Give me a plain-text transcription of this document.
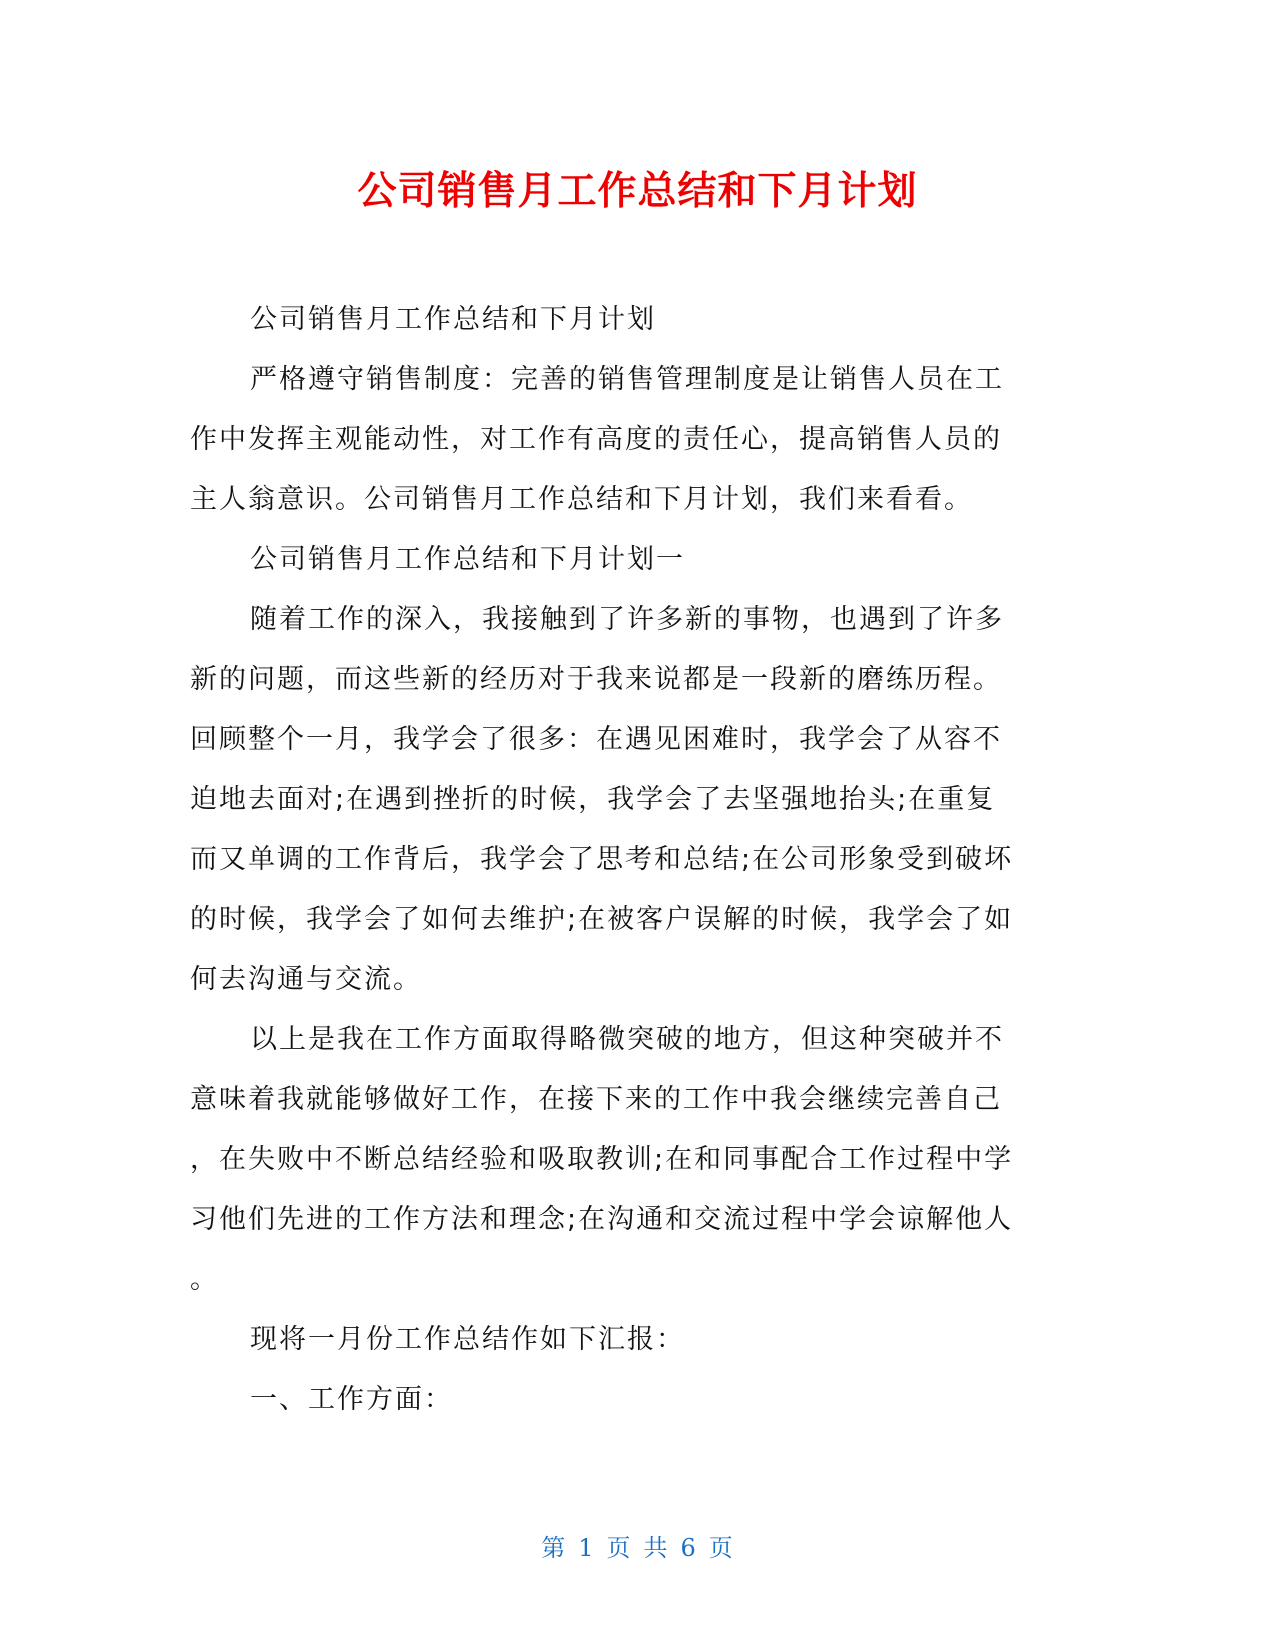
公司销售月工作总结和下月计划

公司销售月工作总结和下月计划

严格遵守销售制度：完善的销售管理制度是让销售人员在工

作中发挥主观能动性，对工作有高度的责任心，提高销售人员的

主人翁意识。公司销售月工作总结和下月计划，我们来看看。

公司销售月工作总结和下月计划一

随着工作的深入，我接触到了许多新的事物，也遇到了许多

新的问题，而这些新的经历对于我来说都是一段新的磨练历程。

回顾整个一月，我学会了很多：在遇见困难时，我学会了从容不

迫地去面对;在遇到挫折的时候，我学会了去坚强地抬头;在重复

而又单调的工作背后，我学会了思考和总结;在公司形象受到破坏

的时候，我学会了如何去维护;在被客户误解的时候，我学会了如

何去沟通与交流。

以上是我在工作方面取得略微突破的地方，但这种突破并不

意味着我就能够做好工作，在接下来的工作中我会继续完善自己

，在失败中不断总结经验和吸取教训;在和同事配合工作过程中学

习他们先进的工作方法和理念;在沟通和交流过程中学会谅解他人

。

现将一月份工作总结作如下汇报：

一、工作方面：

第 1 页 共 6 页
